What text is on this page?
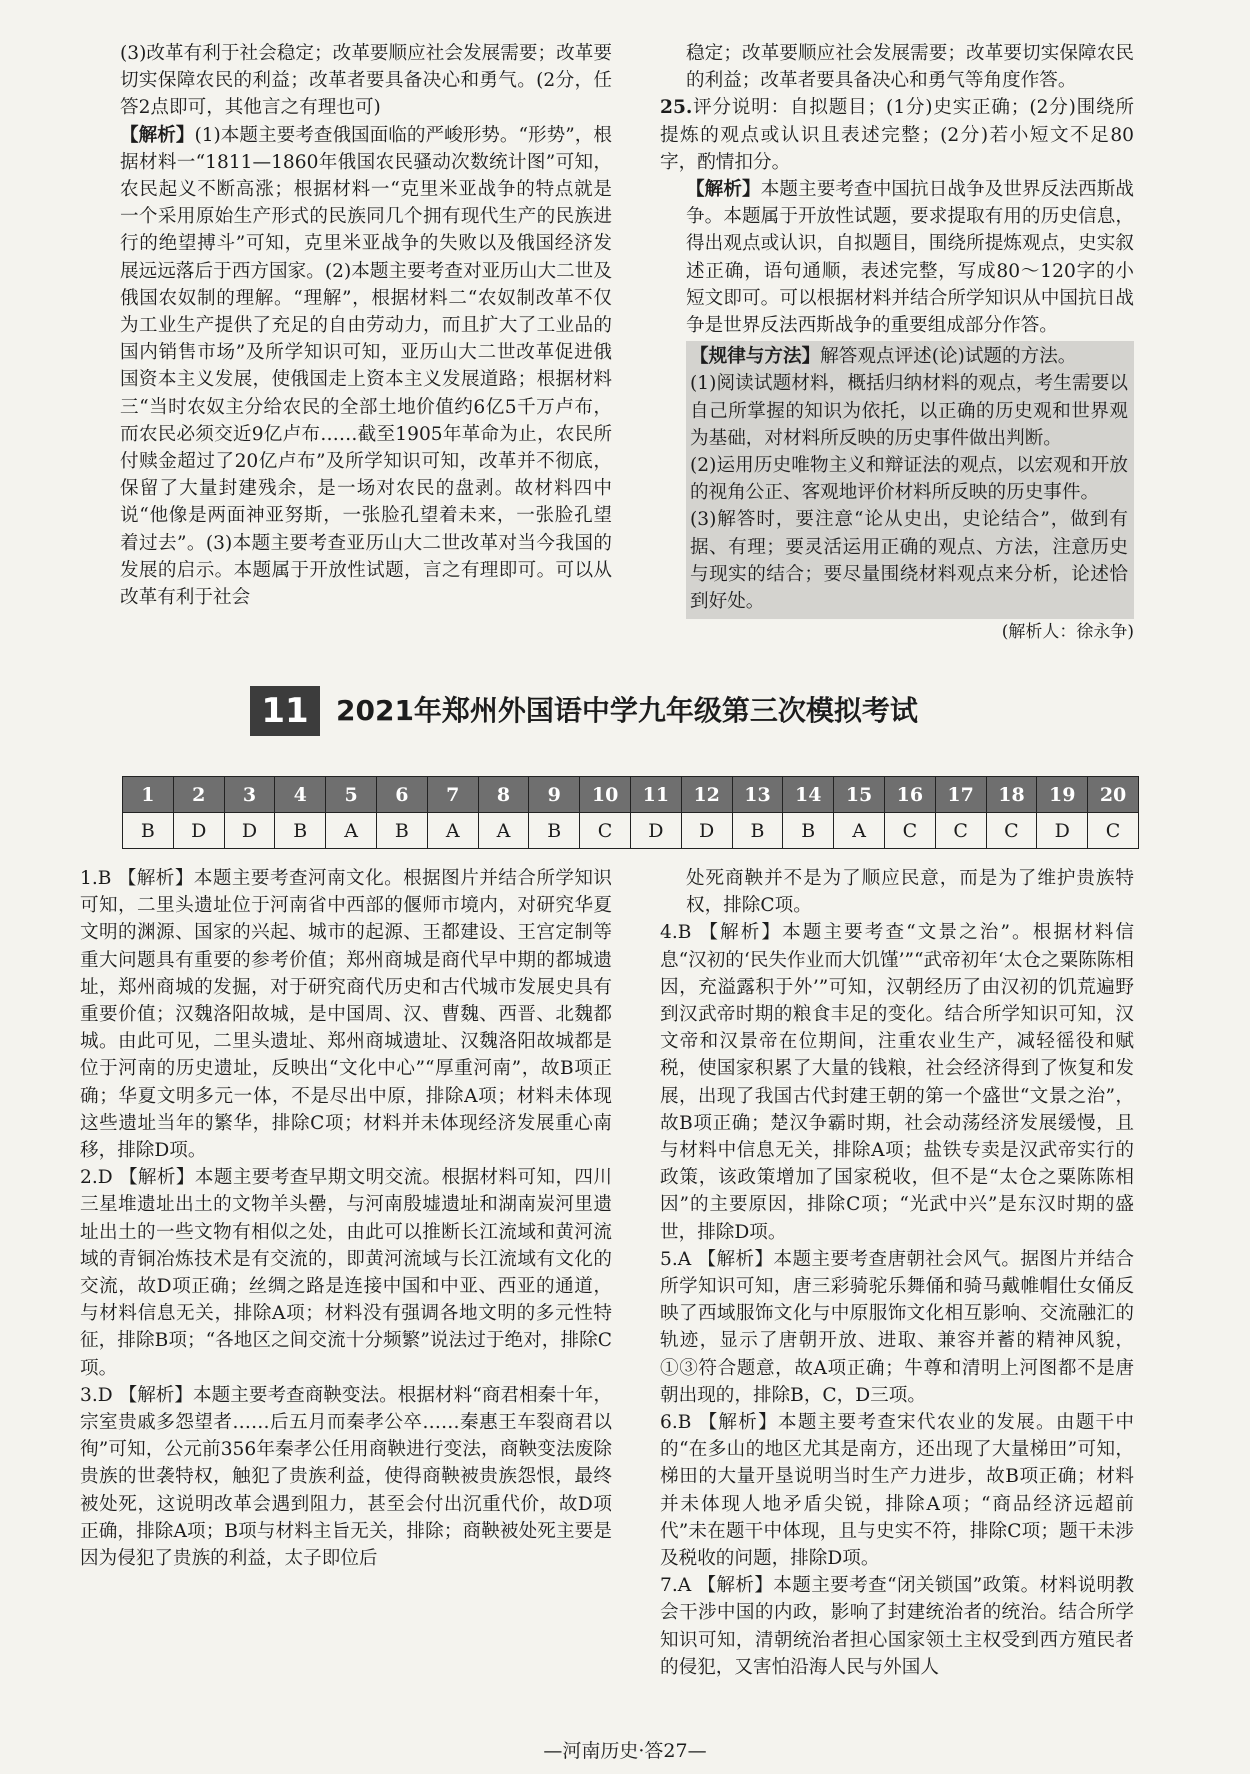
(3)改革有利于社会稳定；改革要顺应社会发展需要；改革要切实保障农民的利益；改革者要具备决心和勇气。(2分，任答2点即可，其他言之有理也可)

【解析】(1)本题主要考查俄国面临的严峻形势。“形势”，根据材料一“1811—1860年俄国农民骚动次数统计图”可知，农民起义不断高涨；根据材料一“克里米亚战争的特点就是一个采用原始生产形式的民族同几个拥有现代生产的民族进行的绝望搏斗”可知，克里米亚战争的失败以及俄国经济发展远远落后于西方国家。(2)本题主要考查对亚历山大二世及俄国农奴制的理解。“理解”，根据材料二“农奴制改革不仅为工业生产提供了充足的自由劳动力，而且扩大了工业品的国内销售市场”及所学知识可知，亚历山大二世改革促进俄国资本主义发展，使俄国走上资本主义发展道路；根据材料三“当时农奴主分给农民的全部土地价值约6亿5千万卢布，而农民必须交近9亿卢布……截至1905年革命为止，农民所付赎金超过了20亿卢布”及所学知识可知，改革并不彻底，保留了大量封建残余，是一场对农民的盘剥。故材料四中说“他像是两面神亚努斯，一张脸孔望着未来，一张脸孔望着过去”。(3)本题主要考查亚历山大二世改革对当今我国的发展的启示。本题属于开放性试题，言之有理即可。可以从改革有利于社会

稳定；改革要顺应社会发展需要；改革要切实保障农民的利益；改革者要具备决心和勇气等角度作答。

25.评分说明：自拟题目；(1分)史实正确；(2分)围绕所提炼的观点或认识且表述完整；(2分)若小短文不足80字，酌情扣分。

【解析】本题主要考查中国抗日战争及世界反法西斯战争。本题属于开放性试题，要求提取有用的历史信息，得出观点或认识，自拟题目，围绕所提炼观点，史实叙述正确，语句通顺，表述完整，写成80～120字的小短文即可。可以根据材料并结合所学知识从中国抗日战争是世界反法西斯战争的重要组成部分作答。

【规律与方法】解答观点评述(论)试题的方法。

(1)阅读试题材料，概括归纳材料的观点，考生需要以自己所掌握的知识为依托，以正确的历史观和世界观为基础，对材料所反映的历史事件做出判断。

(2)运用历史唯物主义和辩证法的观点，以宏观和开放的视角公正、客观地评价材料所反映的历史事件。

(3)解答时，要注意“论从史出，史论结合”，做到有据、有理；要灵活运用正确的观点、方法，注意历史与现实的结合；要尽量围绕材料观点来分析，论述恰到好处。

(解析人：徐永争)

11 2021年郑州外国语中学九年级第三次模拟考试
1	2	3	4	5	6	7	8	9	10	11	12	13	14	15	16	17	18	19	20
B	D	D	B	A	B	A	A	B	C	D	D	B	B	A	C	C	C	D	C

1.B 【解析】本题主要考查河南文化。根据图片并结合所学知识可知，二里头遗址位于河南省中西部的偃师市境内，对研究华夏文明的渊源、国家的兴起、城市的起源、王都建设、王宫定制等重大问题具有重要的参考价值；郑州商城是商代早中期的都城遗址，郑州商城的发掘，对于研究商代历史和古代城市发展史具有重要价值；汉魏洛阳故城，是中国周、汉、曹魏、西晋、北魏都城。由此可见，二里头遗址、郑州商城遗址、汉魏洛阳故城都是位于河南的历史遗址，反映出“文化中心”“厚重河南”，故B项正确；华夏文明多元一体，不是尽出中原，排除A项；材料未体现这些遗址当年的繁华，排除C项；材料并未体现经济发展重心南移，排除D项。

2.D 【解析】本题主要考查早期文明交流。根据材料可知，四川三星堆遗址出土的文物羊头罍，与河南殷墟遗址和湖南炭河里遗址出土的一些文物有相似之处，由此可以推断长江流域和黄河流域的青铜冶炼技术是有交流的，即黄河流域与长江流域有文化的交流，故D项正确；丝绸之路是连接中国和中亚、西亚的通道，与材料信息无关，排除A项；材料没有强调各地文明的多元性特征，排除B项；“各地区之间交流十分频繁”说法过于绝对，排除C项。

3.D 【解析】本题主要考查商鞅变法。根据材料“商君相秦十年，宗室贵戚多怨望者……后五月而秦孝公卒……秦惠王车裂商君以徇”可知，公元前356年秦孝公任用商鞅进行变法，商鞅变法废除贵族的世袭特权，触犯了贵族利益，使得商鞅被贵族怨恨，最终被处死，这说明改革会遇到阻力，甚至会付出沉重代价，故D项正确，排除A项；B项与材料主旨无关，排除；商鞅被处死主要是因为侵犯了贵族的利益，太子即位后

处死商鞅并不是为了顺应民意，而是为了维护贵族特权，排除C项。

4.B 【解析】本题主要考查“文景之治”。根据材料信息“汉初的‘民失作业而大饥馑’”“武帝初年‘太仓之粟陈陈相因，充溢露积于外’”可知，汉朝经历了由汉初的饥荒遍野到汉武帝时期的粮食丰足的变化。结合所学知识可知，汉文帝和汉景帝在位期间，注重农业生产，减轻徭役和赋税，使国家积累了大量的钱粮，社会经济得到了恢复和发展，出现了我国古代封建王朝的第一个盛世“文景之治”，故B项正确；楚汉争霸时期，社会动荡经济发展缓慢，且与材料中信息无关，排除A项；盐铁专卖是汉武帝实行的政策，该政策增加了国家税收，但不是“太仓之粟陈陈相因”的主要原因，排除C项；“光武中兴”是东汉时期的盛世，排除D项。

5.A 【解析】本题主要考查唐朝社会风气。据图片并结合所学知识可知，唐三彩骑驼乐舞俑和骑马戴帷帽仕女俑反映了西域服饰文化与中原服饰文化相互影响、交流融汇的轨迹，显示了唐朝开放、进取、兼容并蓄的精神风貌，①③符合题意，故A项正确；牛尊和清明上河图都不是唐朝出现的，排除B，C，D三项。

6.B 【解析】本题主要考查宋代农业的发展。由题干中的“在多山的地区尤其是南方，还出现了大量梯田”可知，梯田的大量开垦说明当时生产力进步，故B项正确；材料并未体现人地矛盾尖锐，排除A项；“商品经济远超前代”未在题干中体现，且与史实不符，排除C项；题干未涉及税收的问题，排除D项。

7.A 【解析】本题主要考查“闭关锁国”政策。材料说明教会干涉中国的内政，影响了封建统治者的统治。结合所学知识可知，清朝统治者担心国家领土主权受到西方殖民者的侵犯，又害怕沿海人民与外国人

—河南历史·答27—
